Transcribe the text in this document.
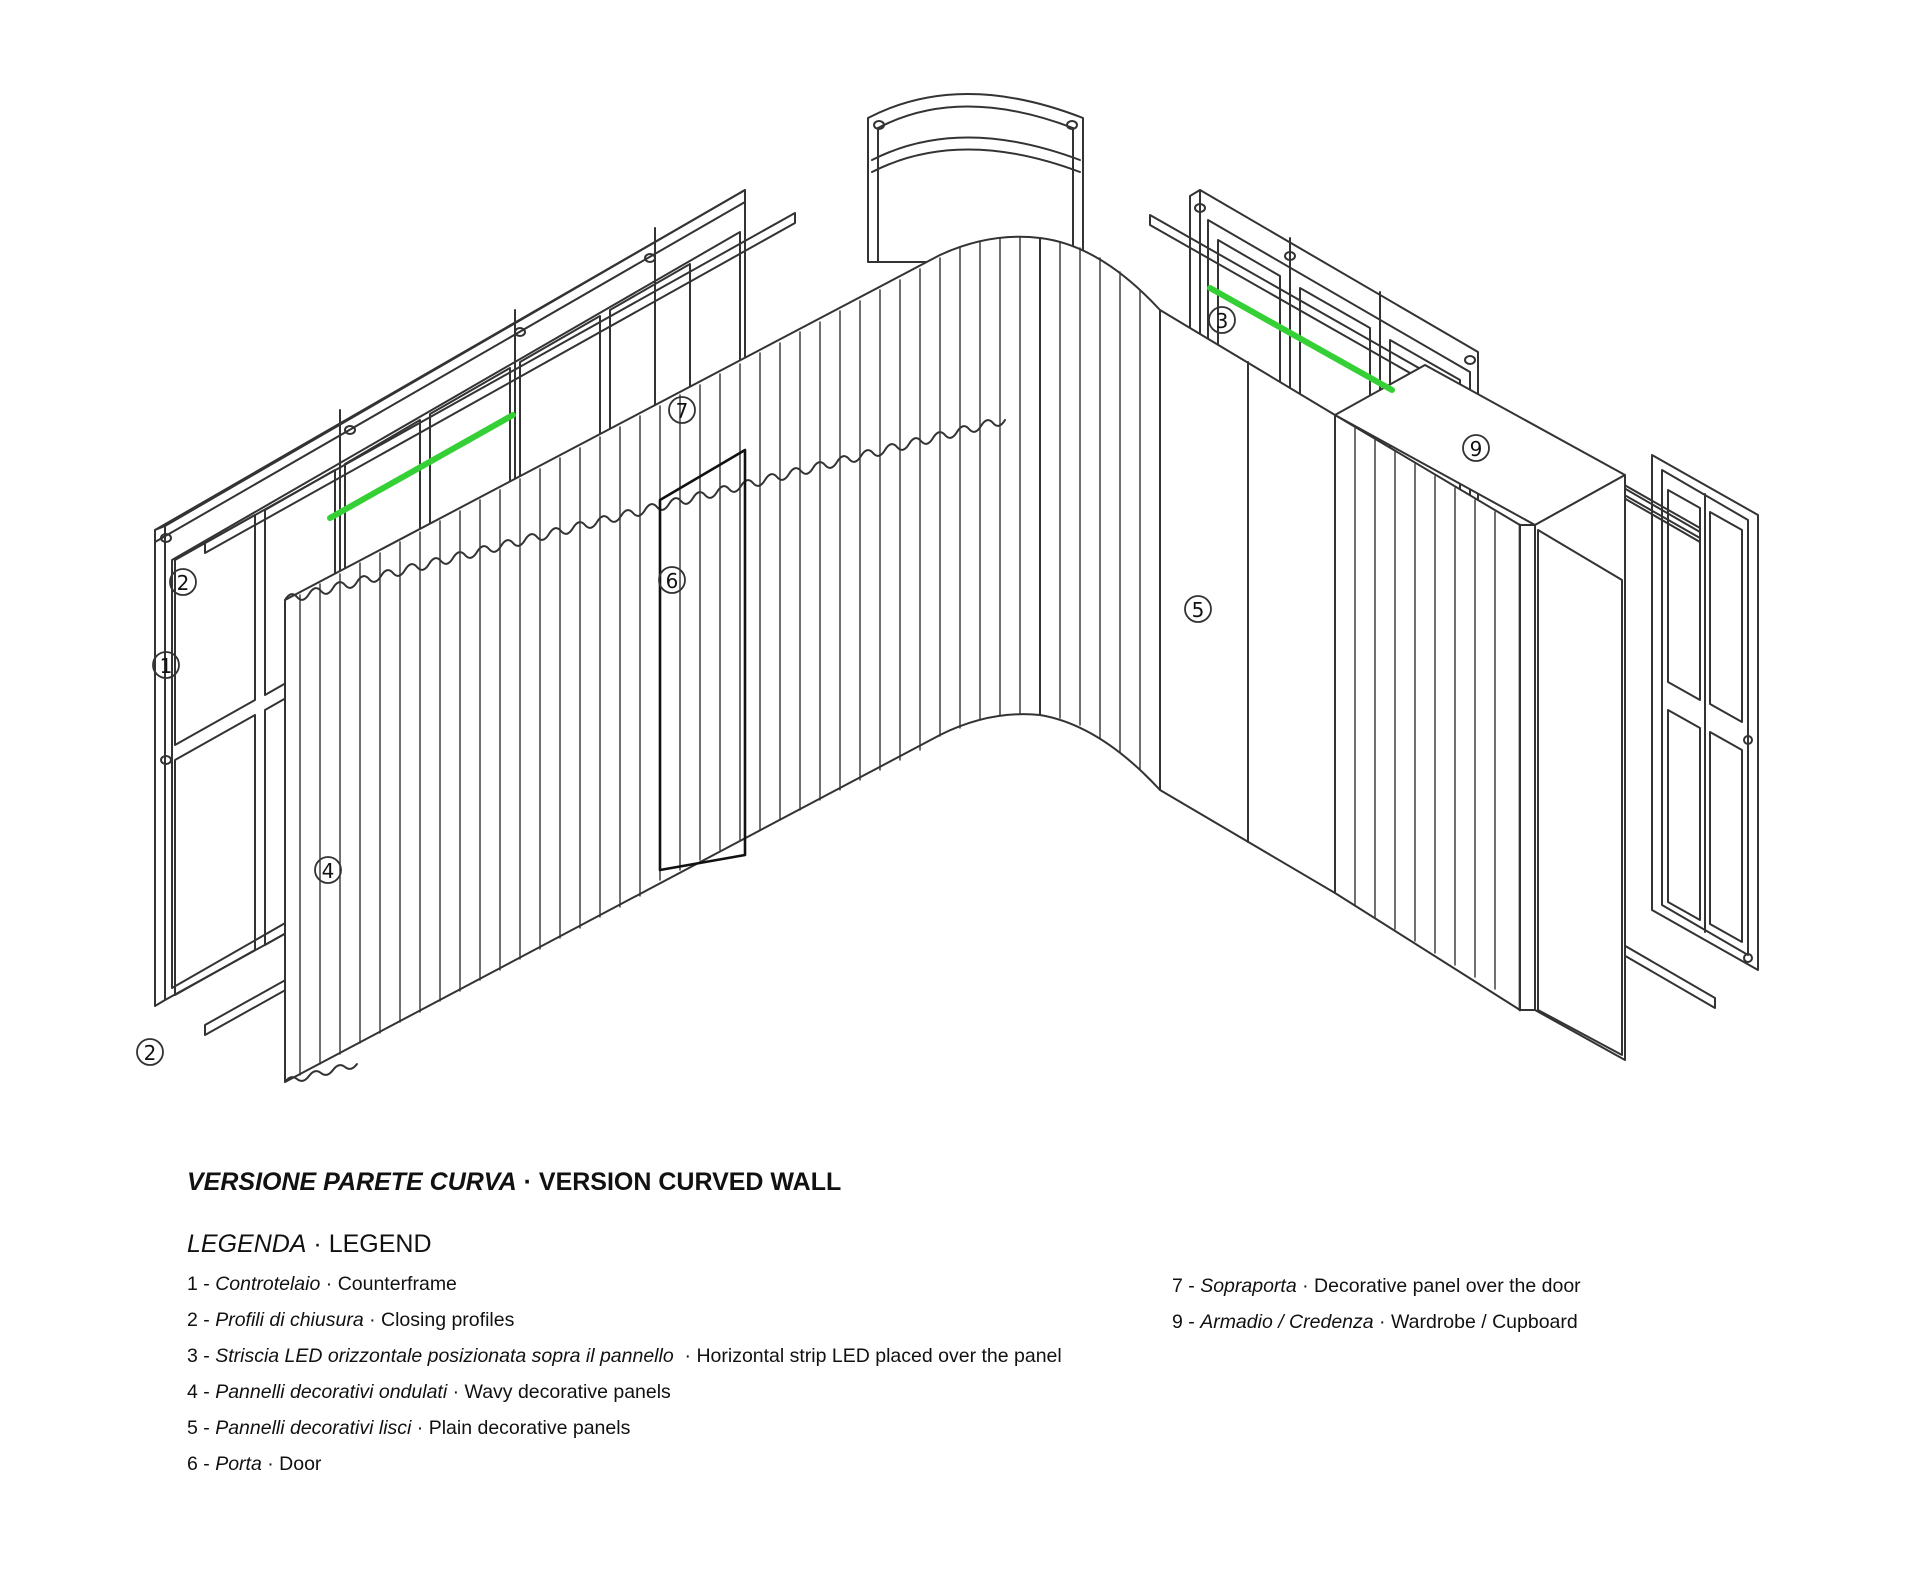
1
2
2
3
4
5
6
7
9
VERSIONE PARETE CURVA · VERSION CURVED WALL
LEGENDA · LEGEND
1 - Controtelaio · Counterframe
2 - Profili di chiusura · Closing profiles
3 - Striscia LED orizzontale posizionata sopra il pannello  · Horizontal strip LED placed over the panel
4 - Pannelli decorativi ondulati · Wavy decorative panels
5 - Pannelli decorativi lisci · Plain decorative panels
6 - Porta · Door
7 - Sopraporta · Decorative panel over the door
9 - Armadio / Credenza · Wardrobe / Cupboard
